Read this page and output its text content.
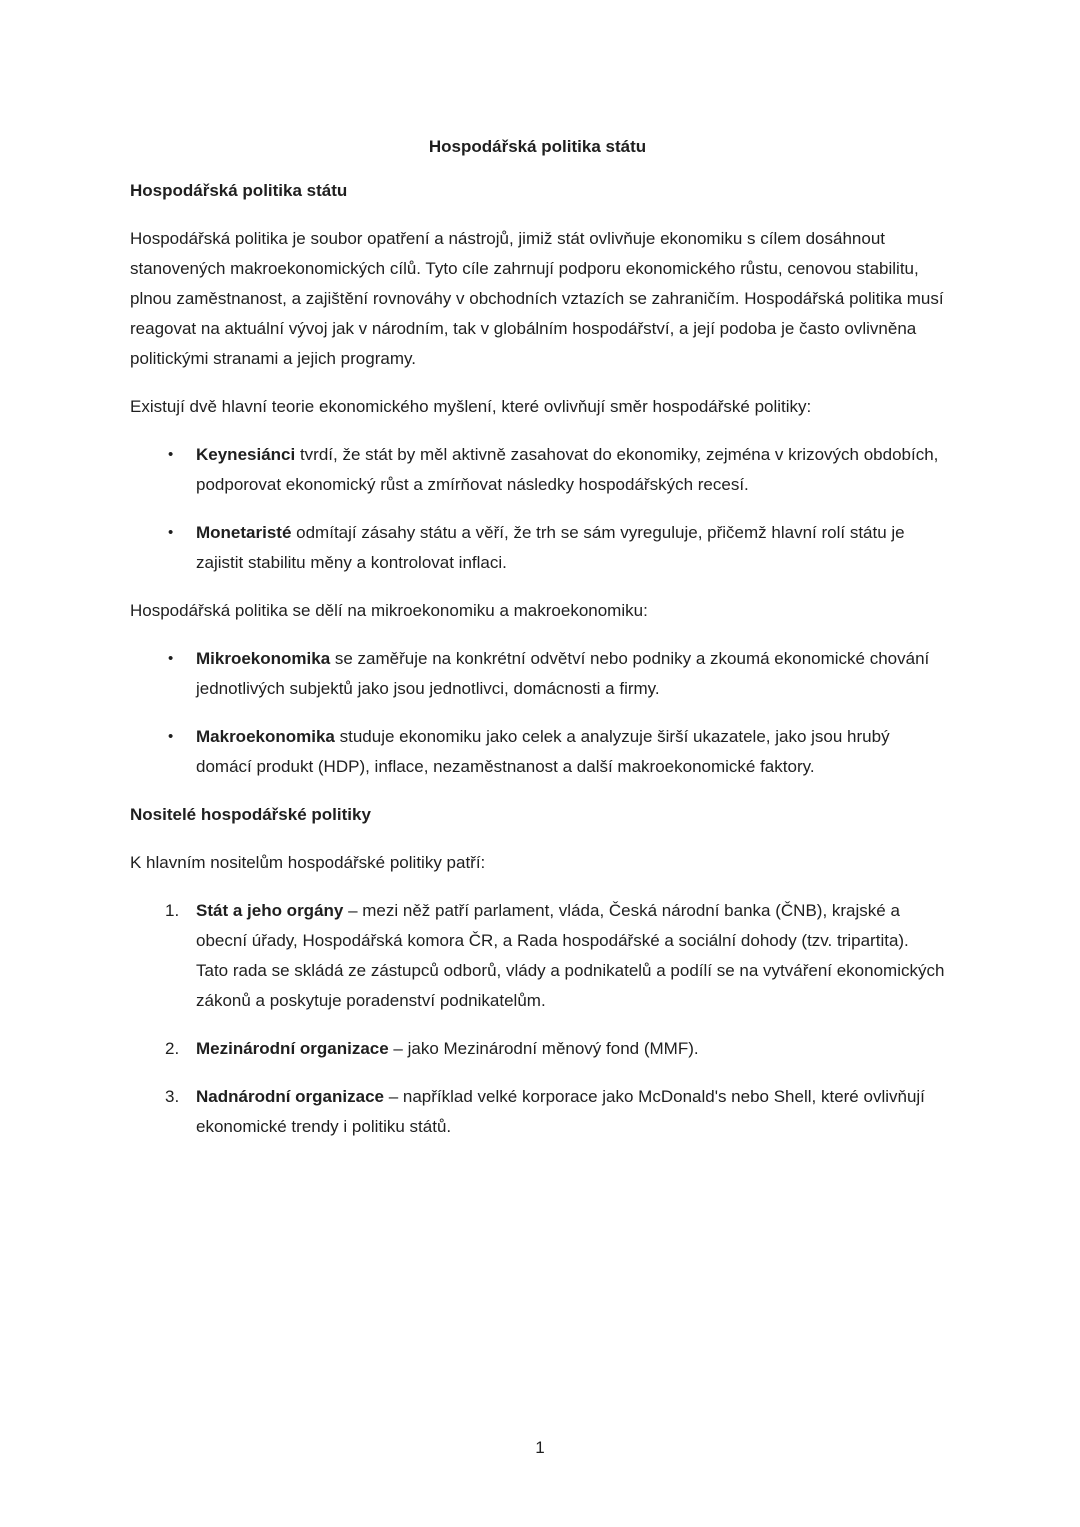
Hospodářská politika státu
Hospodářská politika státu

Hospodářská politika je soubor opatření a nástrojů, jimiž stát ovlivňuje ekonomiku s cílem dosáhnout stanovených makroekonomických cílů. Tyto cíle zahrnují podporu ekonomického růstu, cenovou stabilitu, plnou zaměstnanost, a zajištění rovnováhy v obchodních vztazích se zahraničím. Hospodářská politika musí reagovat na aktuální vývoj jak v národním, tak v globálním hospodářství, a její podoba je často ovlivněna politickými stranami a jejich programy.

Existují dvě hlavní teorie ekonomického myšlení, které ovlivňují směr hospodářské politiky:

•	Keynesiánci tvrdí, že stát by měl aktivně zasahovat do ekonomiky, zejména v krizových obdobích, podporovat ekonomický růst a zmírňovat následky hospodářských recesí.
•	Monetaristé odmítají zásahy státu a věří, že trh se sám vyreguluje, přičemž hlavní rolí státu je zajistit stabilitu měny a kontrolovat inflaci.

Hospodářská politika se dělí na mikroekonomiku a makroekonomiku:

•	Mikroekonomika se zaměřuje na konkrétní odvětví nebo podniky a zkoumá ekonomické chování jednotlivých subjektů jako jsou jednotlivci, domácnosti a firmy.
•	Makroekonomika studuje ekonomiku jako celek a analyzuje širší ukazatele, jako jsou hrubý domácí produkt (HDP), inflace, nezaměstnanost a další makroekonomické faktory.
Nositelé hospodářské politiky

K hlavním nositelům hospodářské politiky patří:

1. Stát a jeho orgány – mezi něž patří parlament, vláda, Česká národní banka (ČNB), krajské a obecní úřady, Hospodářská komora ČR, a Rada hospodářské a sociální dohody (tzv. tripartita). Tato rada se skládá ze zástupců odborů, vlády a podnikatelů a podílí se na vytváření ekonomických zákonů a poskytuje poradenství podnikatelům.
2. Mezinárodní organizace – jako Mezinárodní měnový fond (MMF).
3. Nadnárodní organizace – například velké korporace jako McDonald's nebo Shell, které ovlivňují ekonomické trendy i politiku států.
1
